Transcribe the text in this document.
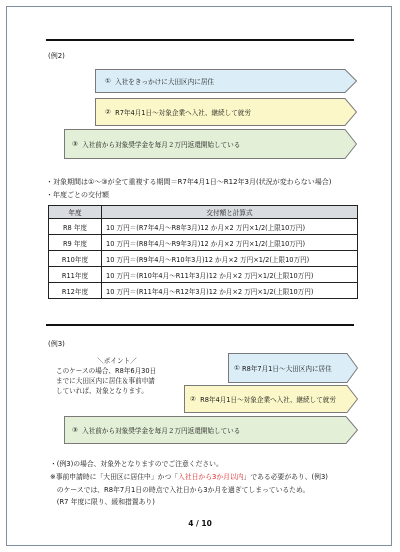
(例2)
①
入社をきっかけに大田区内に居住
②
R7年4月1日～対象企業へ入社、継続して就労
③
入社前から対象奨学金を毎月２万円返還開始している
・対象期間は①～③が全て重複する期間＝R7年4月1日～R12年3月(状況が変わらない場合)
・年度ごとの交付額
年度	交付額と計算式
R8 年度	10 万円＝(R7年4月～R8年3月)12 か月×2 万円×1/2(上限10万円)
R9 年度	10 万円＝(R8年4月～R9年3月)12 か月×2 万円×1/2(上限10万円)
R10年度	10 万円＝(R9年4月～R10年3月)12 か月×2 万円×1/2(上限10万円)
R11年度	10 万円＝(R10年4月～R11年3月)12 か月×2 万円×1/2(上限10万円)
R12年度	10 万円＝(R11年4月～R12年3月)12 か月×2 万円×1/2(上限10万円)
(例3)
＼ポイント／
このケースの場合、R8年6月30日
までに大田区内に居住＆事前申請
していれば、対象となります。
①
R8年7月1日～大田区内に居住
②
R8年4月1日～対象企業へ入社、継続して就労
③
入社前から対象奨学金を毎月２万円返還開始している
・(例3)の場合、対象外となりますのでご注意ください。
※事前申請時に「大田区に居住中」かつ「入社日から3か月以内」である必要があり、(例3)
　のケースでは、R8年7月1日の時点で入社日から3か月を過ぎてしまっているため。
　(R7 年度に限り、緩和措置あり)
4 / 10
